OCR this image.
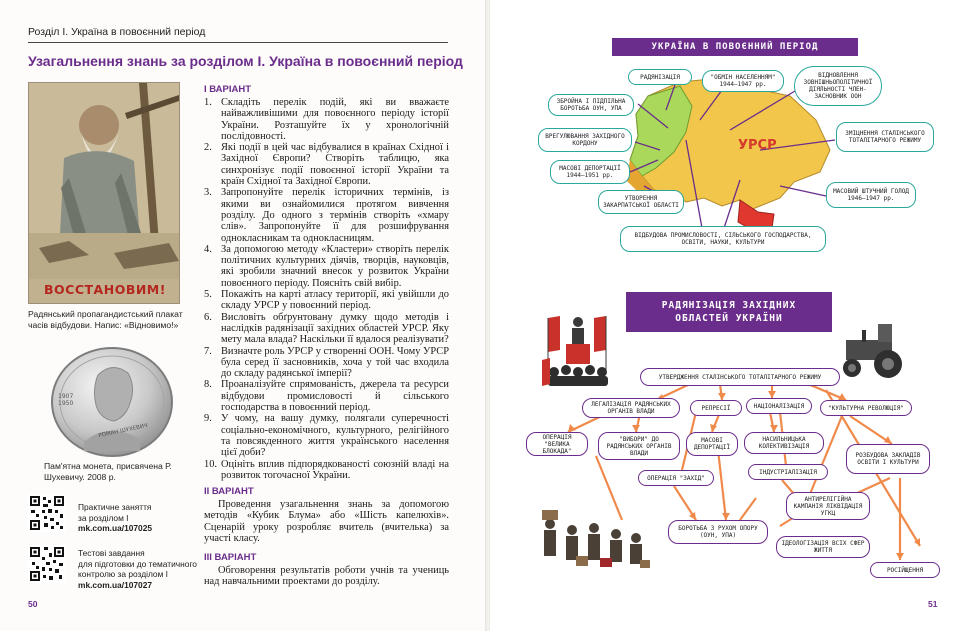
Розділ І. Україна в повоєнний період
Узагальнення знань за розділом І. Україна в повоєнний період
ВОССТАНОВИМ!
Радянський пропагандистський плакат часів відбудови. Напис: «Відновимо!»
1907 1950
РОМАН ШУХЕВИЧ
Пам'ятна монета, присвячена Р. Шухевичу. 2008 р.
Практичне заняття
за розділом І
mk.com.ua/107025
Тестові завдання
для підготовки до тематичного
контролю за розділом І
mk.com.ua/107027
І ВАРІАНТ
1. Складіть перелік подій, які ви вважаєте найважливішими для повоєнного періоду історії України. Розташуйте їх у хронологічній послідовності.
2. Які події в цей час відбувалися в країнах Східної і Західної Європи? Створіть таблицю, яка синхронізує події повоєнної історії України та країн Східної та Західної Європи.
3. Запропонуйте перелік історичних термінів, із якими ви ознайомилися протягом вивчення розділу. До одного з термінів створіть «хмару слів». Запропонуйте її для розшифрування однокласникам та однокласницям.
4. За допомогою методу «Кластери» створіть перелік політичних культурних діячів, творців, науковців, які зробили значний внесок у розвиток України повоєнного періоду. Поясніть свій вибір.
5. Покажіть на карті атласу території, які увійшли до складу УРСР у повоєнний період.
6. Висловіть обґрунтовану думку щодо методів і наслідків радянізації західних областей УРСР. Яку мету мала влада? Наскільки її вдалося реалізувати?
7. Визначте роль УРСР у створенні ООН. Чому УРСР була серед її засновників, хоча у той час входила до складу радянської імперії?
8. Проаналізуйте спрямованість, джерела та ресурси відбудови промисловості й сільського господарства в повоєнний період.
9. У чому, на вашу думку, полягали суперечності соціально-економічного, культурного, релігійного та повсякденного життя українського населення цієї доби?
10. Оцініть вплив підпорядкованості союзній владі на розвиток тогочасної України.
ІІ ВАРІАНТ
Проведення узагальнення знань за допомогою методів «Кубик Блума» або «Шість капелюхів». Сценарій уроку розробляє вчитель (вчителька) за участі класу.
ІІІ ВАРІАНТ
Обговорення результатів роботи учнів та учениць над навчальними проектами до розділу.
50
УКРАЇНА В ПОВОЄННИЙ ПЕРІОД
РАДЯНІЗАЦІЯ	"ОБМІН НАСЕЛЕННЯМ" 1944—1947 рр.
ВІДНОВЛЕННЯ ЗОВНІШНЬОПОЛІТИЧНОЇ ДІЯЛЬНОСТІ ЧЛЕН-ЗАСНОВНИК ООН
ЗБРОЙНА І ПІДПІЛЬНА БОРОТЬБА ОУН, УПА
ВРЕГУЛЮВАННЯ ЗАХІДНОГО КОРДОНУ
ЗМІЦНЕННЯ СТАЛІНСЬКОГО ТОТАЛІТАРНОГО РЕЖИМУ
МАСОВІ ДЕПОРТАЦІЇ 1944—1951 рр.
МАСОВИЙ ШТУЧНИЙ ГОЛОД 1946—1947 рр.
УТВОРЕННЯ ЗАКАРПАТСЬКОЇ ОБЛАСТІ
ВІДБУДОВА ПРОМИСЛОВОСТІ, СІЛЬСЬКОГО ГОСПОДАРСТВА, ОСВІТИ, НАУКИ, КУЛЬТУРИ
УРСР
РАДЯНІЗАЦІЯ ЗАХІДНИХ
ОБЛАСТЕЙ УКРАЇНИ
УТВЕРДЖЕННЯ СТАЛІНСЬКОГО ТОТАЛІТАРНОГО РЕЖИМУ
ЛЕГАЛІЗАЦІЯ РАДЯНСЬКИХ ОРГАНІВ ВЛАДИ	РЕПРЕСІЇ	НАЦІОНАЛІЗАЦІЯ	"КУЛЬТУРНА РЕВОЛЮЦІЯ"
ОПЕРАЦІЯ "ВЕЛИКА БЛОКАДА"
"ВИБОРИ" ДО РАДЯНСЬКИХ ОРГАНІВ ВЛАДИ
МАСОВІ ДЕПОРТАЦІЇ
НАСИЛЬНИЦЬКА КОЛЕКТИВІЗАЦІЯ
РОЗБУДОВА ЗАКЛАДІВ ОСВІТИ І КУЛЬТУРИ
ОПЕРАЦІЯ "ЗАХІД"
ІНДУСТРІАЛІЗАЦІЯ
АНТИРЕЛІГІЙНА КАМПАНІЯ ЛІКВІДАЦІЯ УГКЦ
БОРОТЬБА З РУХОМ ОПОРУ (ОУН, УПА)
ІДЕОЛОГІЗАЦІЯ ВСІХ СФЕР ЖИТТЯ
РОСІЙЩЕННЯ
51
